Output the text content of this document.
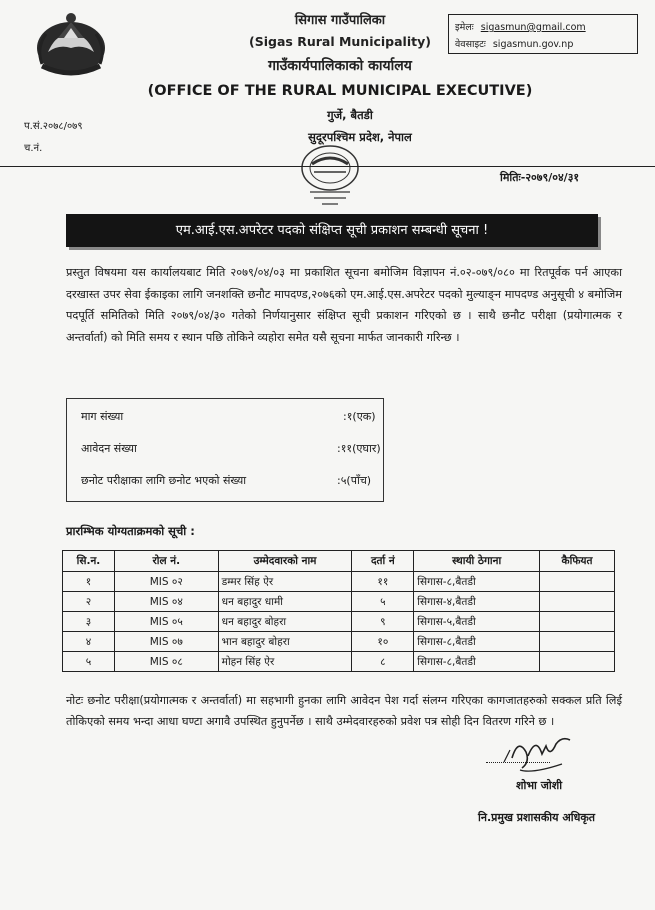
सिगास गाउँपालिका
(Sigas Rural Municipality)
गाउँकार्यपालिकाको कार्यालय
(OFFICE OF THE RURAL MUNICIPAL EXECUTIVE)
गुर्जे, बैतडी
सुदूरपश्चिम प्रदेश, नेपाल
इमेलः sigasmun@gmail.com
वेवसाइटः sigasmun.gov.np
प.सं.२०७८/०७९
च.नं.
मितिः-२०७९/०४/३१
एम.आई.एस.अपरेटर पदको संक्षिप्त सूची प्रकाशन सम्बन्धी सूचना !
प्रस्तुत विषयमा यस कार्यालयबाट मिति २०७९/०४/०३ मा प्रकाशित सूचना बमोजिम विज्ञापन नं.०२-०७९/०८० मा रितपूर्वक पर्न आएका दरखास्त उपर सेवा ईकाइका लागि जनशक्ति छनौट मापदण्ड,२०७६को एम.आई.एस.अपरेटर पदको मुल्याङ्न मापदण्ड अनुसूची ४ बमोजिम पदपूर्ति समितिको मिति २०७९/०४/३० गतेको निर्णयानुसार संक्षिप्त सूची प्रकाशन गरिएको छ । साथै छनौट परीक्षा (प्रयोगात्मक र अन्तर्वार्ता) को मिति समय र स्थान पछि तोकिने व्यहोरा समेत यसै सूचना मार्फत जानकारी गरिन्छ ।
माग संख्या	:१(एक)
आवेदन संख्या	:११(एघार)
छनोट परीक्षाका लागि छनोट भएको संख्या	:५(पाँच)
प्रारम्भिक योग्यताक्रमको सूची :
सि.न.	रोल नं.	उम्मेदवारको नाम	दर्ता नं	स्थायी ठेगाना	कैफियत
१	MIS ०२	डम्मर सिंह ऐर	११	सिगास-८,बैतडी	
२	MIS ०४	धन बहादुर धामी	५	सिगास-४,बैतडी	
३	MIS ०५	धन बहादुर बोहरा	९	सिगास-५,बैतडी	
४	MIS ०७	भान बहादुर बोहरा	१०	सिगास-८,बैतडी	
५	MIS ०८	मोहन सिंह ऐर	८	सिगास-८,बैतडी	
नोटः छनोट परीक्षा(प्रयोगात्मक र अन्तर्वार्ता) मा सहभागी हुनका लागि आवेदन पेश गर्दा संलग्न गरिएका कागजातहरुको सक्कल प्रति लिई तोकिएको समय भन्दा आधा घण्टा अगावै उपस्थित हुनुपर्नेछ । साथै उम्मेदवारहरुको प्रवेश पत्र सोही दिन वितरण गरिने छ ।
शोभा जोशी
नि.प्रमुख प्रशासकीय अधिकृत
